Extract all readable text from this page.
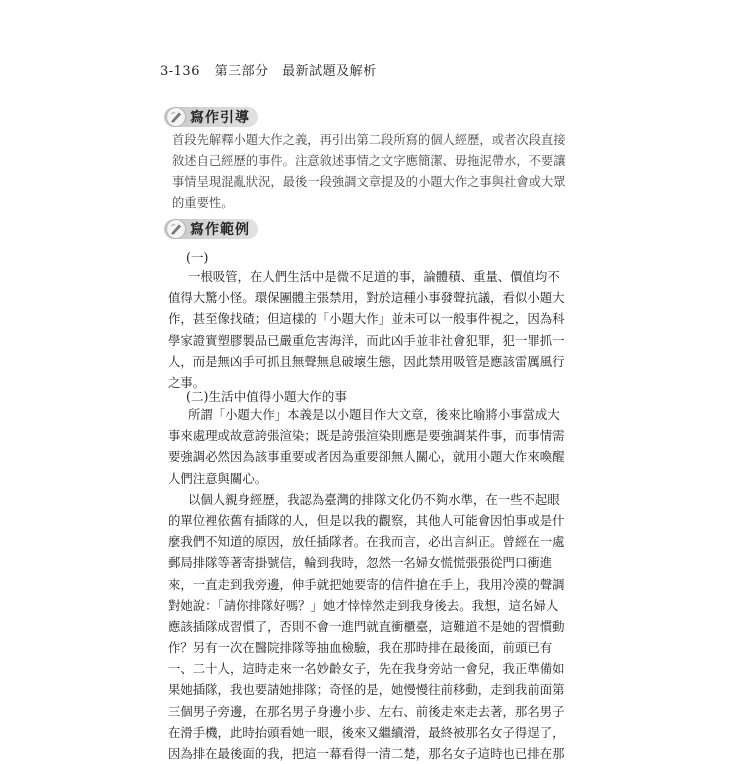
3-136 第三部分　最新試題及解析
寫作引導
首段先解釋小題大作之義，再引出第二段所寫的個人經歷，或者次段直接
敘述自己經歷的事件。注意敘述事情之文字應簡潔、毋拖泥帶水，不要讓
事情呈現混亂狀況，最後一段強調文章提及的小題大作之事與社會或大眾
的重要性。
寫作範例
(一)
一根吸管，在人們生活中是微不足道的事，論體積、重量、價值均不
值得大驚小怪。環保團體主張禁用，對於這種小事發聲抗議，看似小題大
作，甚至像找碴；但這樣的「小題大作」並未可以一般事件視之，因為科
學家證實塑膠製品已嚴重危害海洋，而此凶手並非社會犯罪，犯一罪抓一
人，而是無凶手可抓且無聲無息破壞生態，因此禁用吸管是應該雷厲風行
之事。
(二)生活中值得小題大作的事
所謂「小題大作」本義是以小題目作大文章，後來比喻將小事當成大
事來處理或故意誇張渲染；既是誇張渲染則應是要強調某件事，而事情需
要強調必然因為該事重要或者因為重要卻無人關心，就用小題大作來喚醒
人們注意與關心。
以個人親身經歷，我認為臺灣的排隊文化仍不夠水準，在一些不起眼
的單位裡依舊有插隊的人，但是以我的觀察，其他人可能會因怕事或是什
麼我們不知道的原因，放任插隊者。在我而言，必出言糾正。曾經在一處
郵局排隊等著寄掛號信，輪到我時，忽然一名婦女慌慌張張從門口衝進
來，一直走到我旁邊，伸手就把她要寄的信件搶在手上，我用冷漠的聲調
對她說：「請你排隊好嗎？」她才悻悻然走到我身後去。我想，這名婦人
應該插隊成習慣了，否則不會一進門就直衝櫃臺，這難道不是她的習慣動
作？另有一次在醫院排隊等抽血檢驗，我在那時排在最後面，前頭已有
一、二十人，這時走來一名妙齡女子，先在我身旁站一會兒，我正準備如
果她插隊，我也要請她排隊；奇怪的是，她慢慢往前移動，走到我前面第
三個男子旁邊，在那名男子身邊小步、左右、前後走來走去著，那名男子
在滑手機，此時抬頭看她一眼，後來又繼續滑，最終被那名女子得逞了，
因為排在最後面的我，把這一幕看得一清二楚，那名女子這時也已排在那
